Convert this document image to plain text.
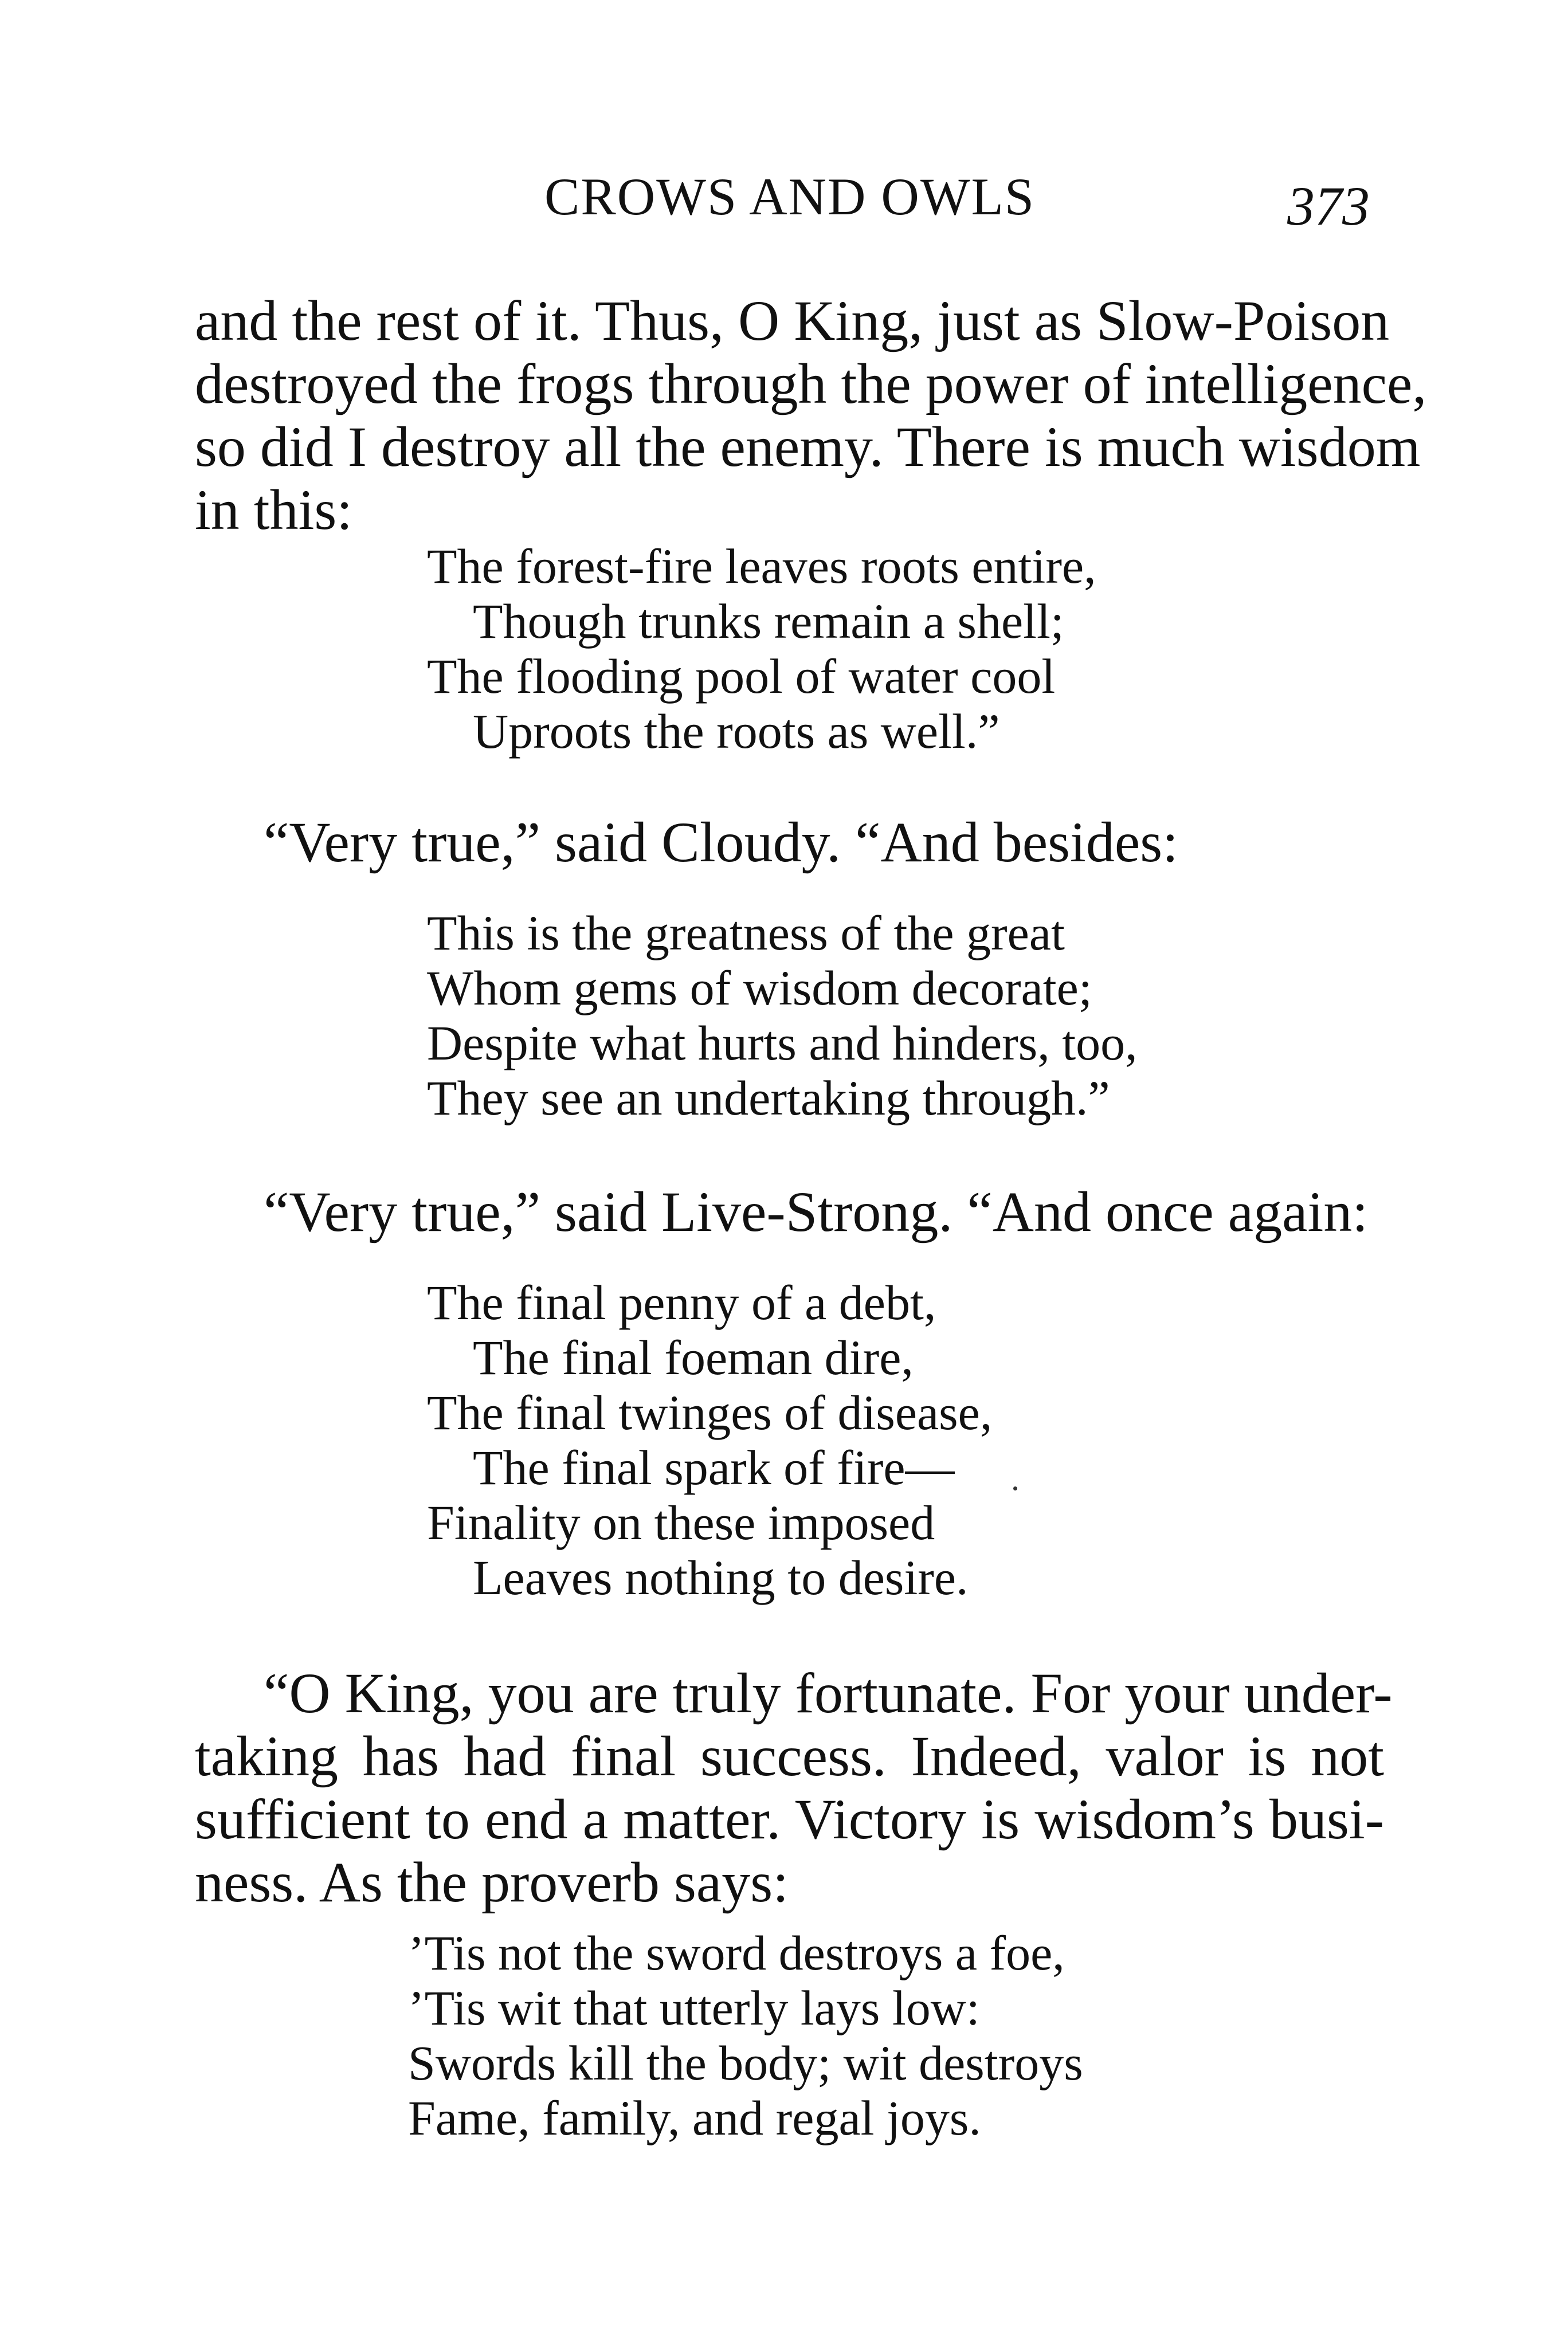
CROWS AND OWLS	373
and the rest of it. Thus, O King, just as Slow-Poison
destroyed the frogs through the power of intelligence,
so did I destroy all the enemy. There is much wisdom
in this:
The forest-fire leaves roots entire,
Though trunks remain a shell;
The flooding pool of water cool
Uproots the roots as well.”
“Very true,” said Cloudy. “And besides:
This is the greatness of the great
Whom gems of wisdom decorate;
Despite what hurts and hinders, too,
They see an undertaking through.”
“Very true,” said Live-Strong. “And once again:
The final penny of a debt,
The final foeman dire,
The final twinges of disease,
The final spark of fire—
Finality on these imposed
Leaves nothing to desire.
“O King, you are truly fortunate. For your under-
taking has had final success. Indeed, valor is not
sufficient to end a matter. Victory is wisdom’s busi-
ness. As the proverb says:
’Tis not the sword destroys a foe,
’Tis wit that utterly lays low:
Swords kill the body; wit destroys
Fame, family, and regal joys.
